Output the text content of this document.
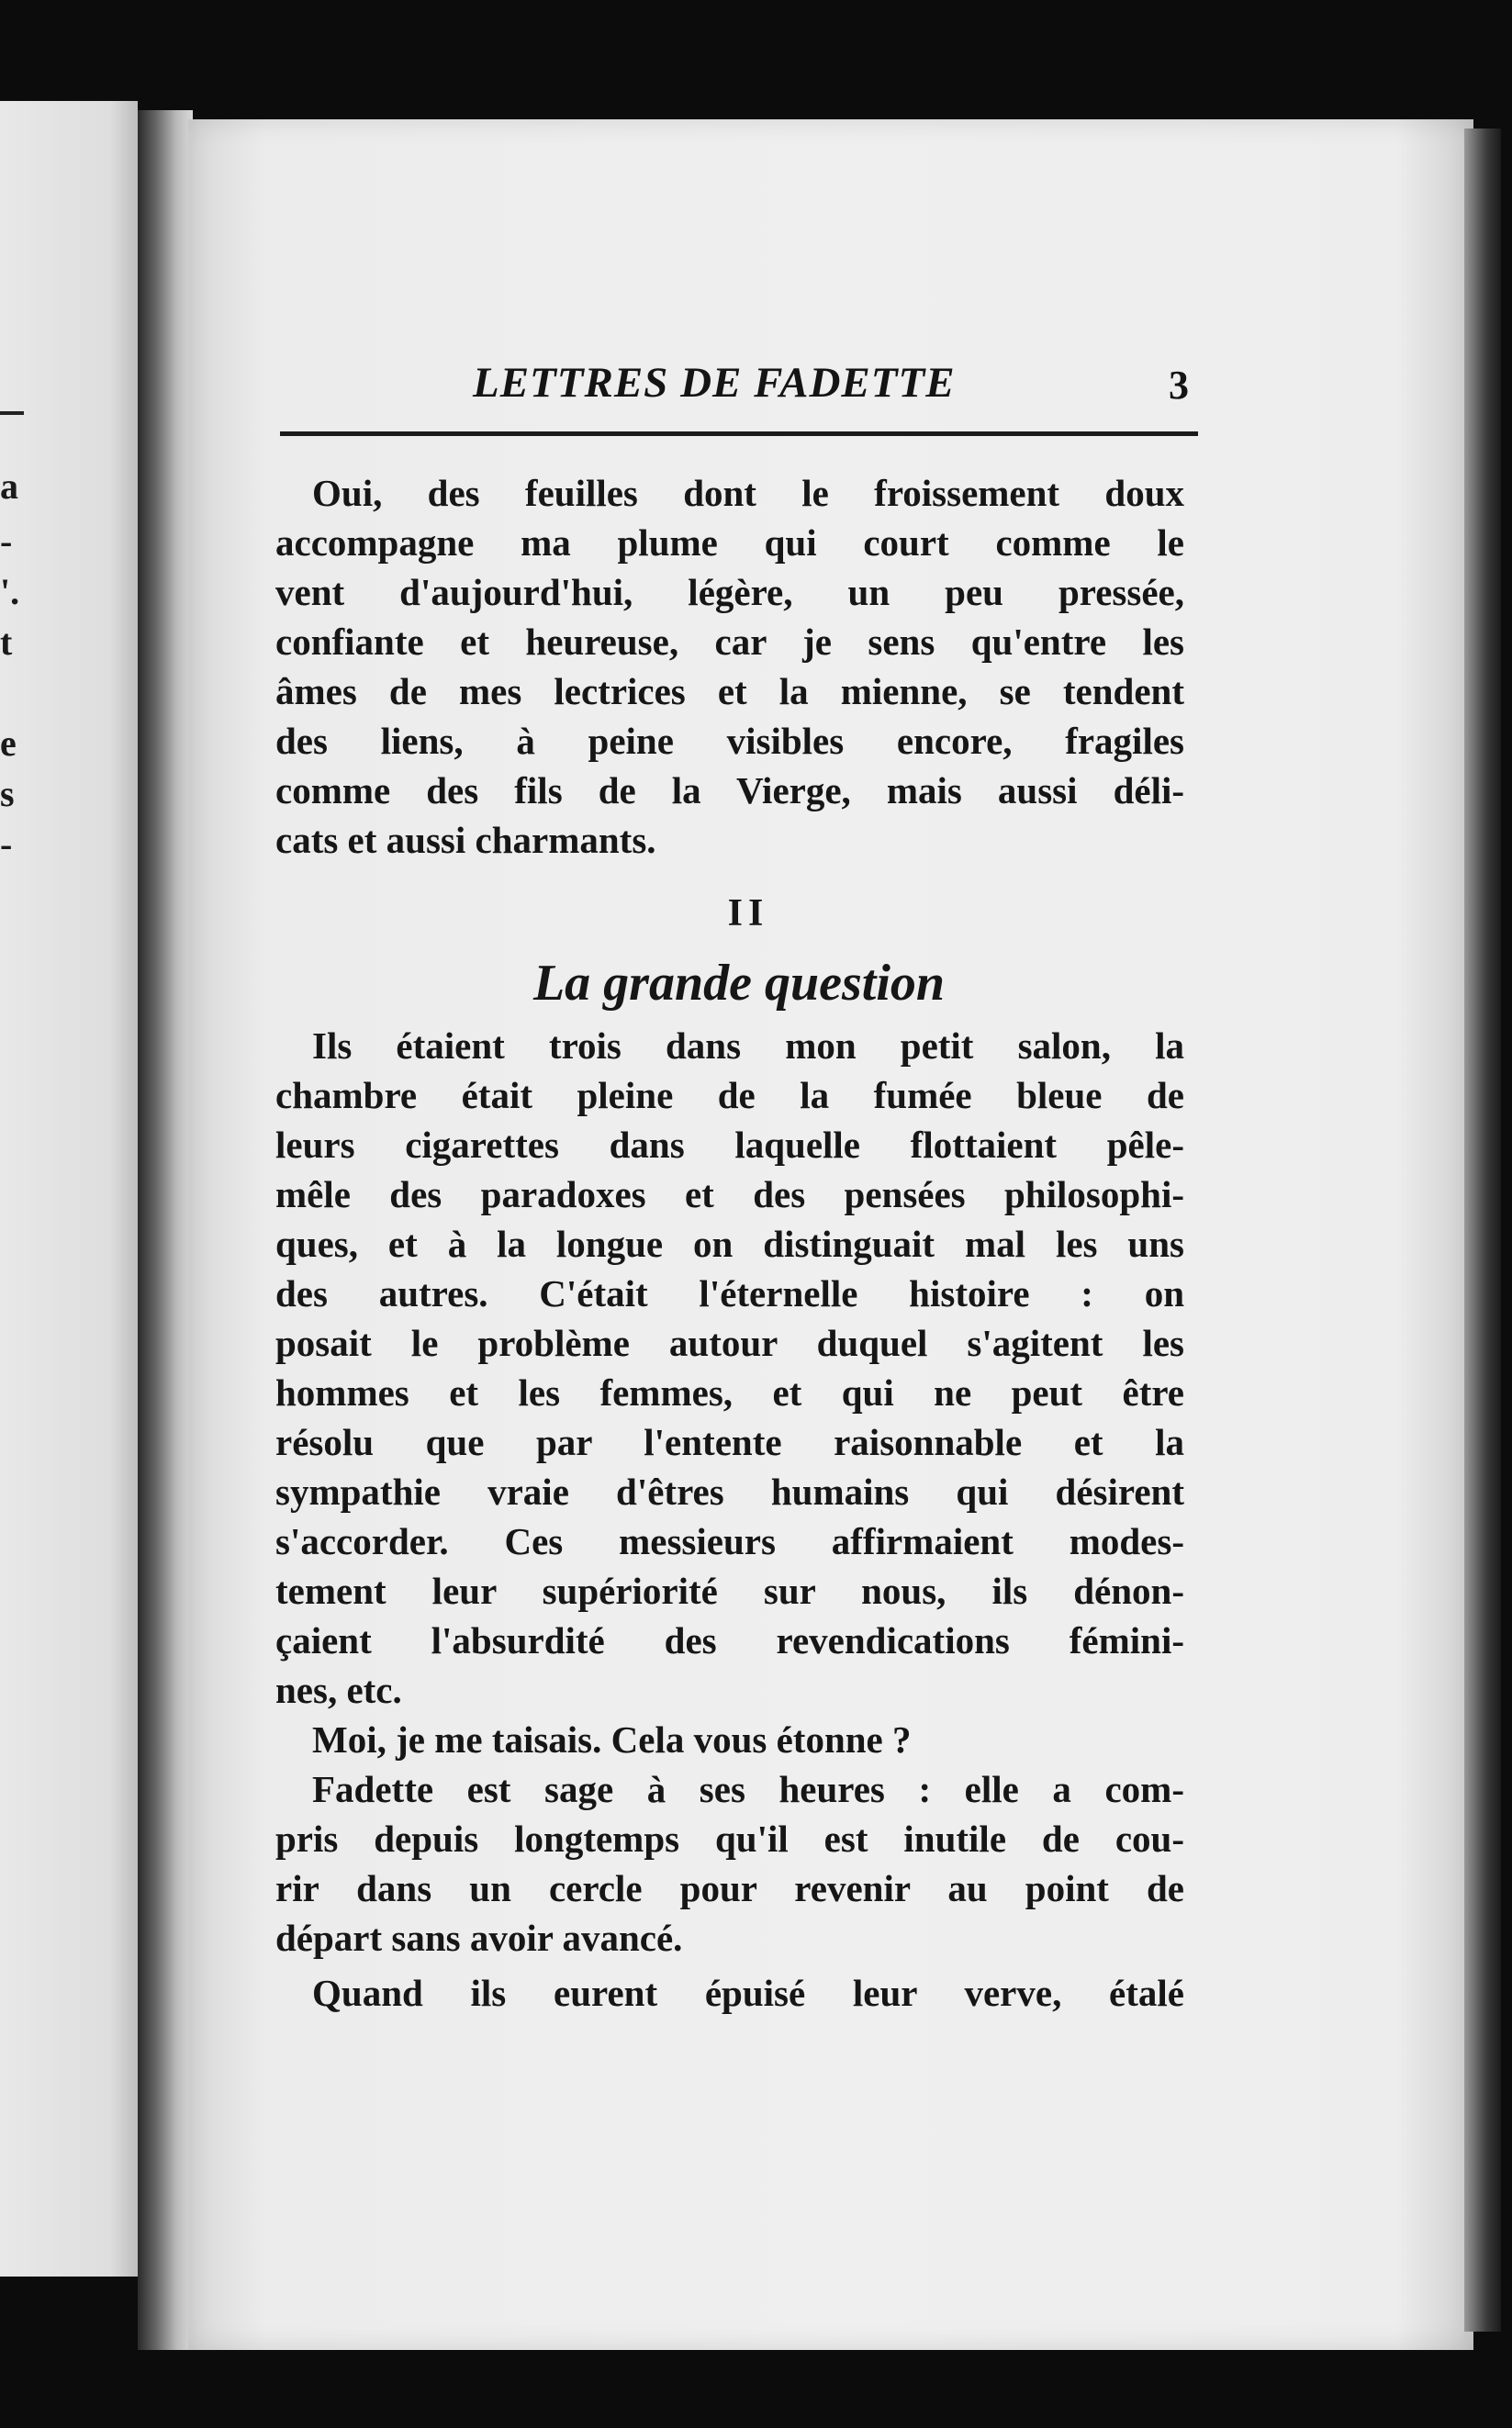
a
-
'.
t
e
s
-
LETTRES DE FADETTE	3
Oui, des feuilles dont le froissement doux
accompagne ma plume qui court comme le
vent d'aujourd'hui, légère, un peu pressée,
confiante et heureuse, car je sens qu'entre les
âmes de mes lectrices et la mienne, se tendent
des liens, à peine visibles encore, fragiles
comme des fils de la Vierge, mais aussi déli-
cats et aussi charmants.
II
La grande question
Ils étaient trois dans mon petit salon, la
chambre était pleine de la fumée bleue de
leurs cigarettes dans laquelle flottaient pêle-
mêle des paradoxes et des pensées philosophi-
ques, et à la longue on distinguait mal les uns
des autres. C'était l'éternelle histoire : on
posait le problème autour duquel s'agitent les
hommes et les femmes, et qui ne peut être
résolu que par l'entente raisonnable et la
sympathie vraie d'êtres humains qui désirent
s'accorder. Ces messieurs affirmaient modes-
tement leur supériorité sur nous, ils dénon-
çaient l'absurdité des revendications fémini-
nes, etc.
Moi, je me taisais. Cela vous étonne ?
Fadette est sage à ses heures : elle a com-
pris depuis longtemps qu'il est inutile de cou-
rir dans un cercle pour revenir au point de
départ sans avoir avancé.
Quand ils eurent épuisé leur verve, étalé
